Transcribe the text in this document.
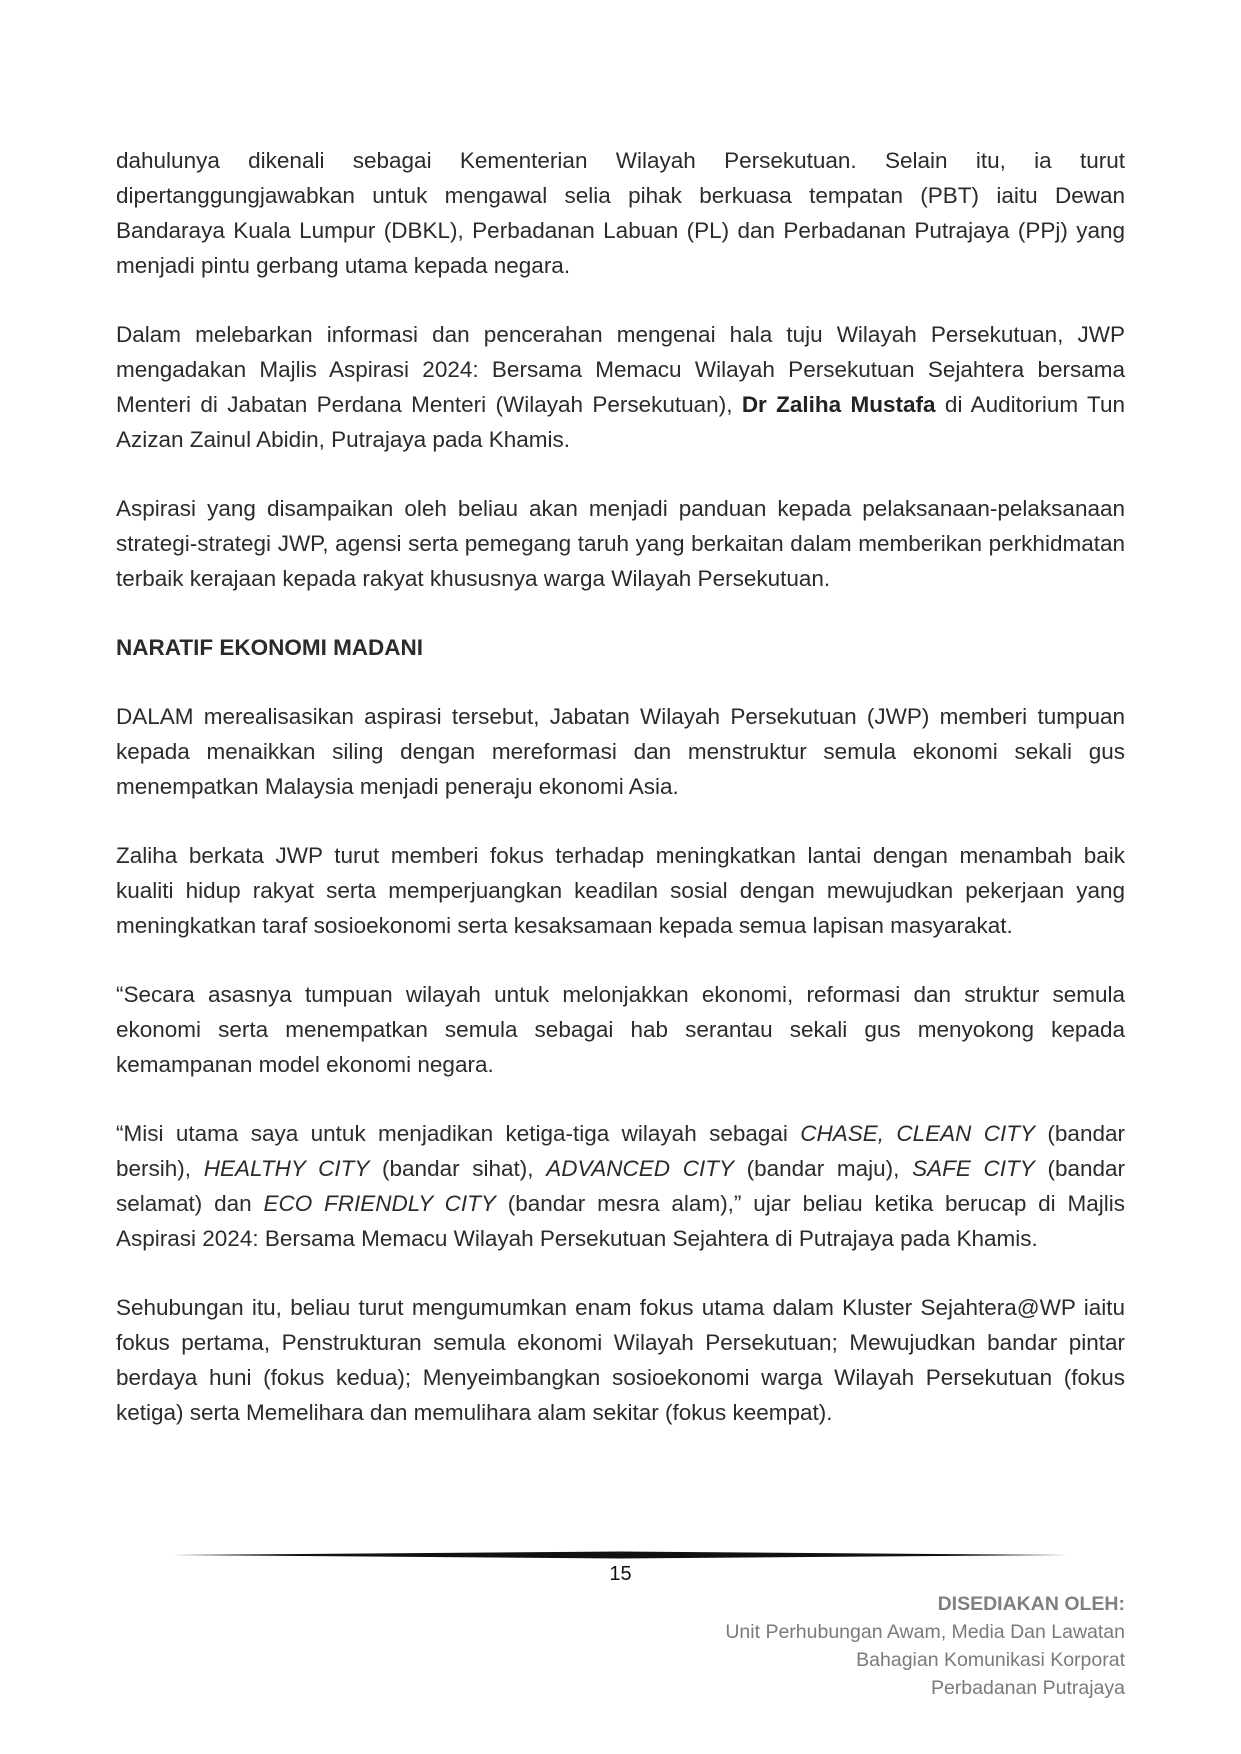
dahulunya dikenali sebagai Kementerian Wilayah Persekutuan. Selain itu, ia turut dipertanggungjawabkan untuk mengawal selia pihak berkuasa tempatan (PBT) iaitu Dewan Bandaraya Kuala Lumpur (DBKL), Perbadanan Labuan (PL) dan Perbadanan Putrajaya (PPj) yang menjadi pintu gerbang utama kepada negara.

Dalam melebarkan informasi dan pencerahan mengenai hala tuju Wilayah Persekutuan, JWP mengadakan Majlis Aspirasi 2024: Bersama Memacu Wilayah Persekutuan Sejahtera bersama Menteri di Jabatan Perdana Menteri (Wilayah Persekutuan), Dr Zaliha Mustafa di Auditorium Tun Azizan Zainul Abidin, Putrajaya pada Khamis.

Aspirasi yang disampaikan oleh beliau akan menjadi panduan kepada pelaksanaan-pelaksanaan strategi-strategi JWP, agensi serta pemegang taruh yang berkaitan dalam memberikan perkhidmatan terbaik kerajaan kepada rakyat khususnya warga Wilayah Persekutuan.

NARATIF EKONOMI MADANI

DALAM merealisasikan aspirasi tersebut, Jabatan Wilayah Persekutuan (JWP) memberi tumpuan kepada menaikkan siling dengan mereformasi dan menstruktur semula ekonomi sekali gus menempatkan Malaysia menjadi peneraju ekonomi Asia.

Zaliha berkata JWP turut memberi fokus terhadap meningkatkan lantai dengan menambah baik kualiti hidup rakyat serta memperjuangkan keadilan sosial dengan mewujudkan pekerjaan yang meningkatkan taraf sosioekonomi serta kesaksamaan kepada semua lapisan masyarakat.

“Secara asasnya tumpuan wilayah untuk melonjakkan ekonomi, reformasi dan struktur semula ekonomi serta menempatkan semula sebagai hab serantau sekali gus menyokong kepada kemampanan model ekonomi negara.

“Misi utama saya untuk menjadikan ketiga-tiga wilayah sebagai CHASE, CLEAN CITY (bandar bersih), HEALTHY CITY (bandar sihat), ADVANCED CITY (bandar maju), SAFE CITY (bandar selamat) dan ECO FRIENDLY CITY (bandar mesra alam),” ujar beliau ketika berucap di Majlis Aspirasi 2024: Bersama Memacu Wilayah Persekutuan Sejahtera di Putrajaya pada Khamis.

Sehubungan itu, beliau turut mengumumkan enam fokus utama dalam Kluster Sejahtera@WP iaitu fokus pertama, Penstrukturan semula ekonomi Wilayah Persekutuan; Mewujudkan bandar pintar berdaya huni (fokus kedua); Menyeimbangkan sosioekonomi warga Wilayah Persekutuan (fokus ketiga) serta Memelihara dan memulihara alam sekitar (fokus keempat).

15
DISEDIAKAN OLEH:
Unit Perhubungan Awam, Media Dan Lawatan
Bahagian Komunikasi Korporat
Perbadanan Putrajaya
